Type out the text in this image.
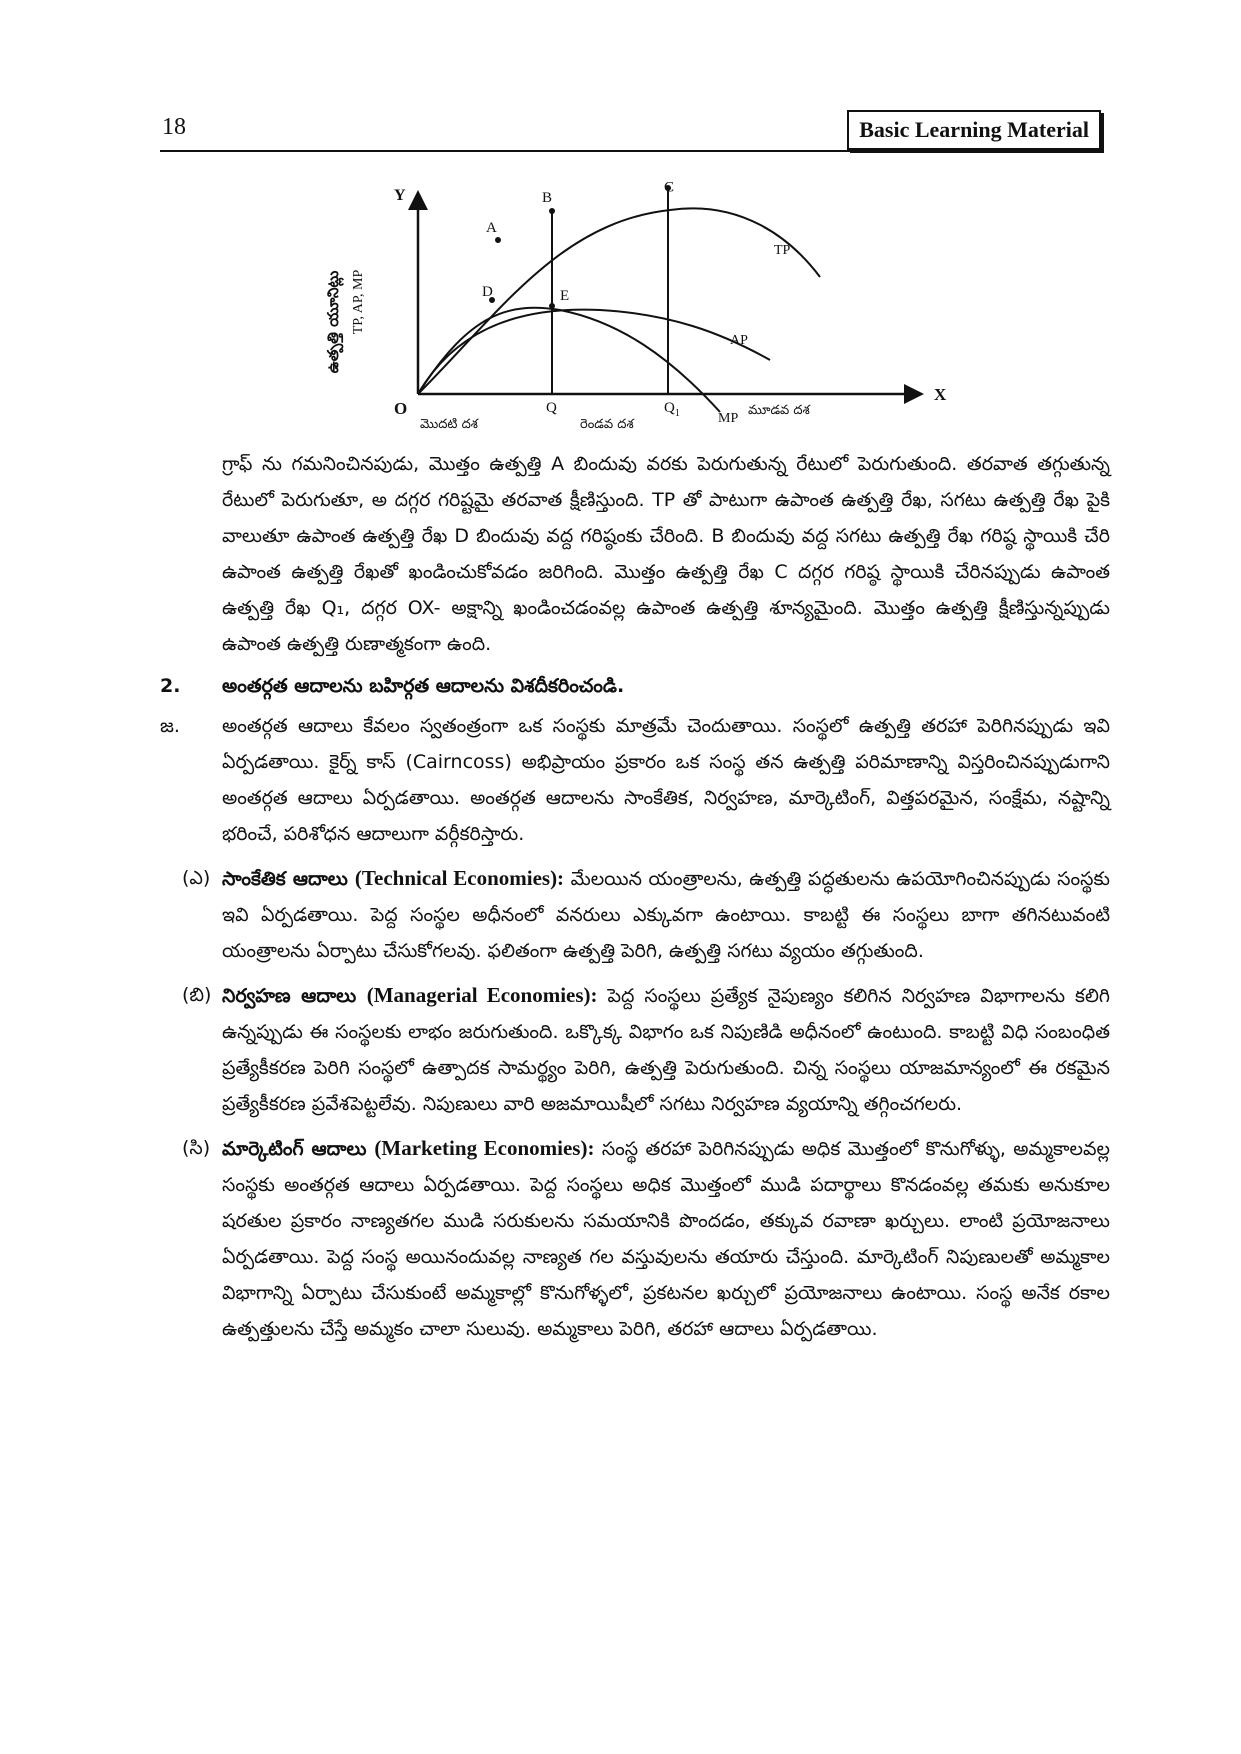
18	Basic Learning Material
Y
X
O
ఉత్పత్తి యూనిట్లు TP, AP, MP
A
B
C
D	E
TP
AP
MP
Q	$Q_1$
మొదటి దశ	రెండవ దశ
మూడవ దశ

గ్రాఫ్ ను గమనించినపుడు, మొత్తం ఉత్పత్తి A బిందువు వరకు పెరుగుతున్న రేటులో పెరుగుతుంది. తరవాత తగ్గుతున్న రేటులో పెరుగుతూ, అ దగ్గర గరిష్టమై తరవాత క్షీణిస్తుంది. TP తో పాటుగా ఉపాంత ఉత్పత్తి రేఖ, సగటు ఉత్పత్తి రేఖ పైకి వాలుతూ ఉపాంత ఉత్పత్తి రేఖ D బిందువు వద్ద గరిష్ఠంకు చేరింది. B బిందువు వద్ద సగటు ఉత్పత్తి రేఖ గరిష్ఠ స్థాయికి చేరి ఉపాంత ఉత్పత్తి రేఖతో ఖండించుకోవడం జరిగింది. మొత్తం ఉత్పత్తి రేఖ C దగ్గర గరిష్ఠ స్థాయికి చేరినప్పుడు ఉపాంత ఉత్పత్తి రేఖ Q₁, దగ్గర OX- అక్షాన్ని ఖండించడంవల్ల ఉపాంత ఉత్పత్తి శూన్యమైంది. మొత్తం ఉత్పత్తి క్షీణిస్తున్నప్పుడు ఉపాంత ఉత్పత్తి రుణాత్మకంగా ఉంది.

2.	అంతర్గత ఆదాలను బహిర్గత ఆదాలను విశదీకరించండి.
జ.	అంతర్గత ఆదాలు కేవలం స్వతంత్రంగా ఒక సంస్థకు మాత్రమే చెందుతాయి. సంస్థలో ఉత్పత్తి తరహా పెరిగినప్పుడు ఇవి ఏర్పడతాయి. కైర్న్ కాస్ (Cairncoss) అభిప్రాయం ప్రకారం ఒక సంస్థ తన ఉత్పత్తి పరిమాణాన్ని విస్తరించినప్పుడుగాని అంతర్గత ఆదాలు ఏర్పడతాయి. అంతర్గత ఆదాలను సాంకేతిక, నిర్వహణ, మార్కెటింగ్, విత్తపరమైన, సంక్షేమ, నష్టాన్ని భరించే, పరిశోధన ఆదాలుగా వర్గీకరిస్తారు.
(ఎ) సాంకేతిక ఆదాలు (Technical Economies): మేలయిన యంత్రాలను, ఉత్పత్తి పద్ధతులను ఉపయోగించినప్పుడు సంస్థకు ఇవి ఏర్పడతాయి. పెద్ద సంస్థల అధీనంలో వనరులు ఎక్కువగా ఉంటాయి. కాబట్టి ఈ సంస్థలు బాగా తగినటువంటి యంత్రాలను ఏర్పాటు చేసుకోగలవు. ఫలితంగా ఉత్పత్తి పెరిగి, ఉత్పత్తి సగటు వ్యయం తగ్గుతుంది.
(బి) నిర్వహణ ఆదాలు (Managerial Economies): పెద్ద సంస్థలు ప్రత్యేక నైపుణ్యం కలిగిన నిర్వహణ విభాగాలను కలిగి ఉన్నప్పుడు ఈ సంస్థలకు లాభం జరుగుతుంది. ఒక్కొక్క విభాగం ఒక నిపుణిడి అధీనంలో ఉంటుంది. కాబట్టి విధి సంబంధిత ప్రత్యేకీకరణ పెరిగి సంస్థలో ఉత్పాదక సామర్థ్యం పెరిగి, ఉత్పత్తి పెరుగుతుంది. చిన్న సంస్థలు యాజమాన్యంలో ఈ రకమైన ప్రత్యేకీకరణ ప్రవేశపెట్టలేవు. నిపుణులు వారి అజమాయిషీలో సగటు నిర్వహణ వ్యయాన్ని తగ్గించగలరు.
(సి) మార్కెటింగ్ ఆదాలు (Marketing Economies): సంస్థ తరహా పెరిగినప్పుడు అధిక మొత్తంలో కొనుగోళ్ళు, అమ్మకాలవల్ల సంస్థకు అంతర్గత ఆదాలు ఏర్పడతాయి. పెద్ద సంస్థలు అధిక మొత్తంలో ముడి పదార్థాలు కొనడంవల్ల తమకు అనుకూల షరతుల ప్రకారం నాణ్యతగల ముడి సరుకులను సమయానికి పొందడం, తక్కువ రవాణా ఖర్చులు. లాంటి ప్రయోజనాలు ఏర్పడతాయి. పెద్ద సంస్థ అయినందువల్ల నాణ్యత గల వస్తువులను తయారు చేస్తుంది. మార్కెటింగ్ నిపుణులతో అమ్మకాల విభాగాన్ని ఏర్పాటు చేసుకుంటే అమ్మకాల్లో కొనుగోళ్ళలో, ప్రకటనల ఖర్చులో ప్రయోజనాలు ఉంటాయి. సంస్థ అనేక రకాల ఉత్పత్తులను చేస్తే అమ్మకం చాలా సులువు. అమ్మకాలు పెరిగి, తరహా ఆదాలు ఏర్పడతాయి.
